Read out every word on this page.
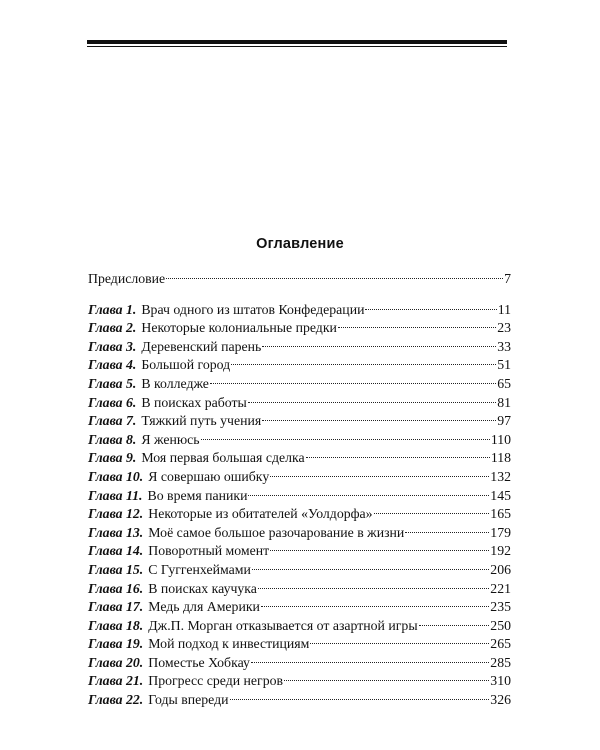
Оглавление
Предисловие	7
Глава 1. Врач одного из штатов Конфедерации	11
Глава 2. Некоторые колониальные предки	23
Глава 3. Деревенский парень	33
Глава 4. Большой город	51
Глава 5. В колледже	65
Глава 6. В поисках работы	81
Глава 7. Тяжкий путь учения	97
Глава 8. Я женюсь	110
Глава 9. Моя первая большая сделка	118
Глава 10. Я совершаю ошибку	132
Глава 11. Во время паники	145
Глава 12. Некоторые из обитателей «Уолдорфа»	165
Глава 13. Моё самое большое разочарование в жизни	179
Глава 14. Поворотный момент	192
Глава 15. С Гуггенхеймами	206
Глава 16. В поисках каучука	221
Глава 17. Медь для Америки	235
Глава 18. Дж.П. Морган отказывается от азартной игры	250
Глава 19. Мой подход к инвестициям	265
Глава 20. Поместье Хобкау	285
Глава 21. Прогресс среди негров	310
Глава 22. Годы впереди	326
